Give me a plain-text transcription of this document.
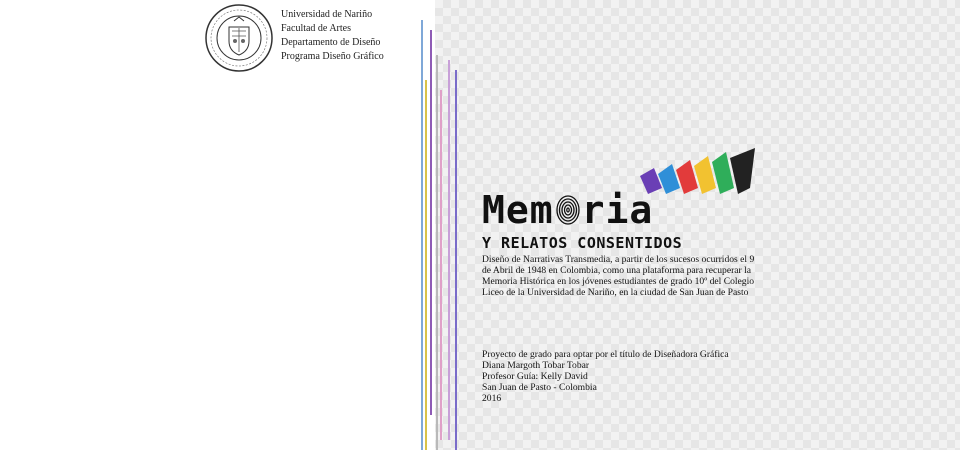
Universidad de Nariño
Facultad de Artes
Departamento de Diseño
Programa Diseño Gráfico
Mem ria
Y RELATOS CONSENTIDOS
Diseño de Narrativas Transmedia, a partir de los sucesos ocurridos el 9 de Abril de 1948 en Colombia, como una plataforma para recuperar la Memoria Histórica en los jóvenes estudiantes de grado 10º del Colegio Liceo de la Universidad de Nariño, en la ciudad de San Juan de Pasto
Proyecto de grado para optar por el título de Diseñadora Gráfica
Diana Margoth Tobar Tobar
Profesor Guía: Kelly David
San Juan de Pasto - Colombia
2016
